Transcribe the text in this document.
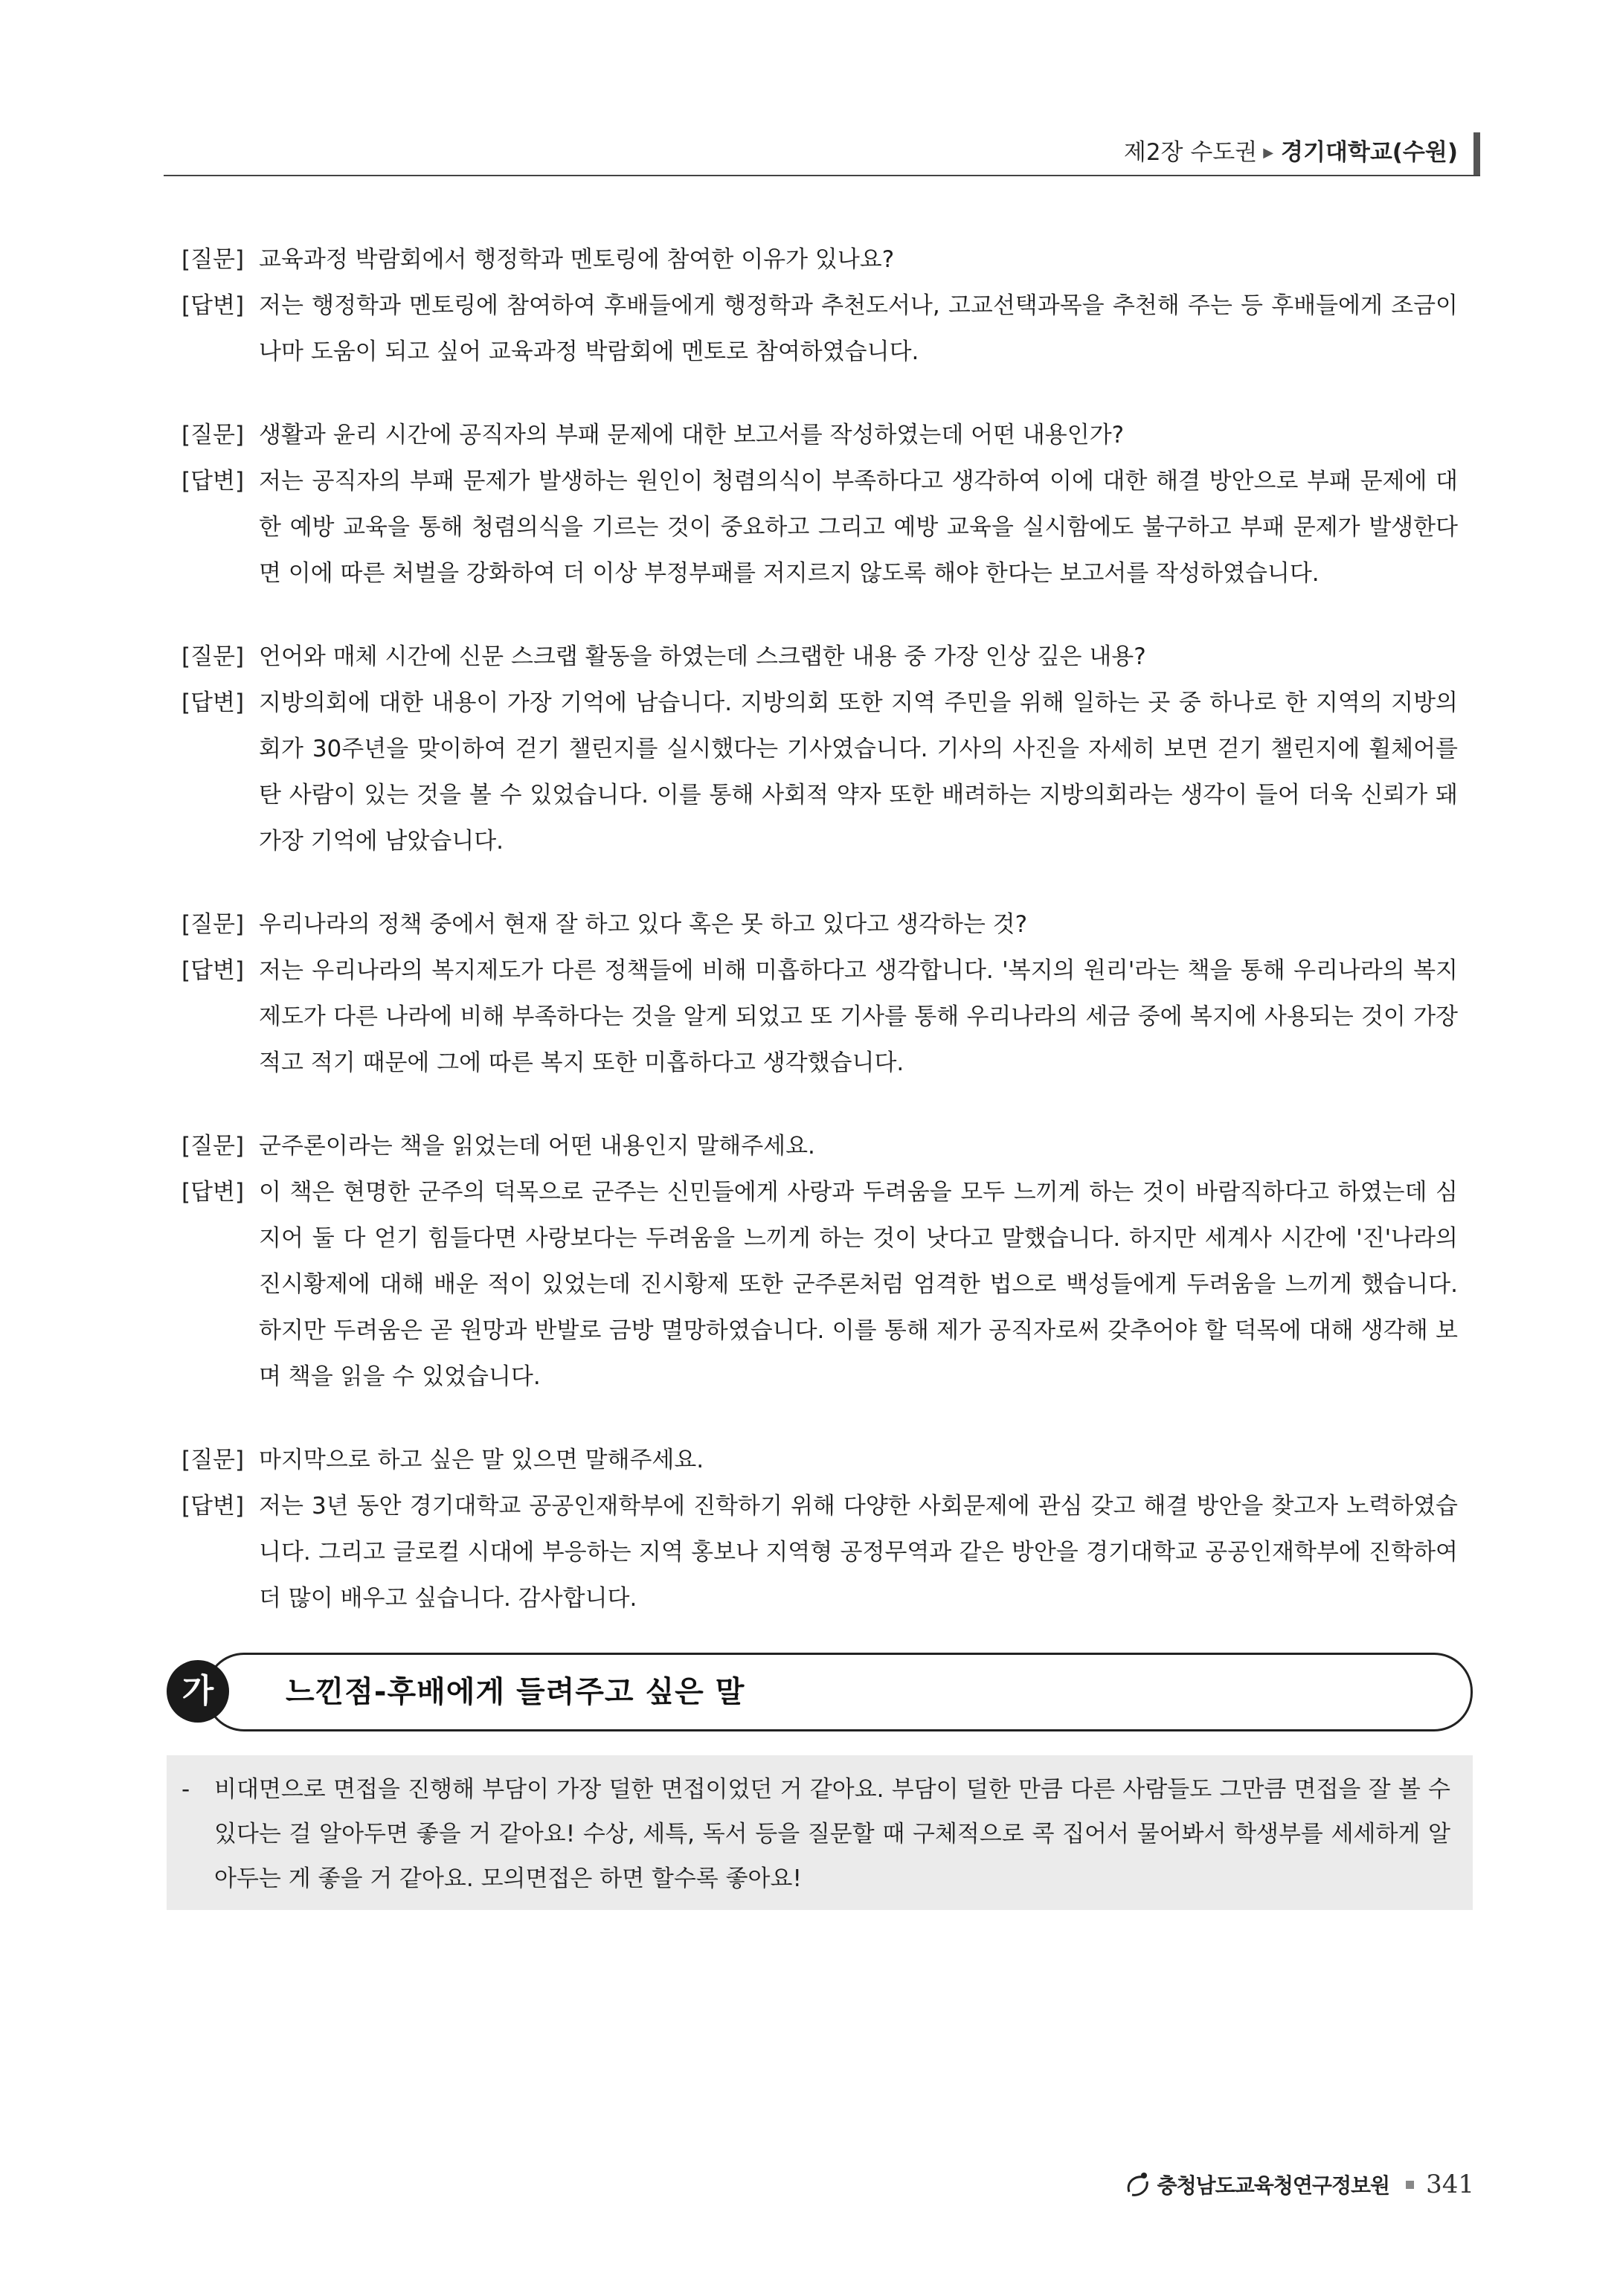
제2장 수도권 ▶ 경기대학교(수원)
[질문] 교육과정 박람회에서 행정학과 멘토링에 참여한 이유가 있나요?
[답변] 저는 행정학과 멘토링에 참여하여 후배들에게 행정학과 추천도서나, 고교선택과목을 추천해 주는 등 후배들에게 조금이나마 도움이 되고 싶어 교육과정 박람회에 멘토로 참여하였습니다.
[질문] 생활과 윤리 시간에 공직자의 부패 문제에 대한 보고서를 작성하였는데 어떤 내용인가?
[답변] 저는 공직자의 부패 문제가 발생하는 원인이 청렴의식이 부족하다고 생각하여 이에 대한 해결 방안으로 부패 문제에 대한 예방 교육을 통해 청렴의식을 기르는 것이 중요하고 그리고 예방 교육을 실시함에도 불구하고 부패 문제가 발생한다면 이에 따른 처벌을 강화하여 더 이상 부정부패를 저지르지 않도록 해야 한다는 보고서를 작성하였습니다.
[질문] 언어와 매체 시간에 신문 스크랩 활동을 하였는데 스크랩한 내용 중 가장 인상 깊은 내용?
[답변] 지방의회에 대한 내용이 가장 기억에 남습니다. 지방의회 또한 지역 주민을 위해 일하는 곳 중 하나로 한 지역의 지방의회가 30주년을 맞이하여 걷기 챌린지를 실시했다는 기사였습니다. 기사의 사진을 자세히 보면 걷기 챌린지에 휠체어를 탄 사람이 있는 것을 볼 수 있었습니다. 이를 통해 사회적 약자 또한 배려하는 지방의회라는 생각이 들어 더욱 신뢰가 돼 가장 기억에 남았습니다.
[질문] 우리나라의 정책 중에서 현재 잘 하고 있다 혹은 못 하고 있다고 생각하는 것?
[답변] 저는 우리나라의 복지제도가 다른 정책들에 비해 미흡하다고 생각합니다. '복지의 원리'라는 책을 통해 우리나라의 복지 제도가 다른 나라에 비해 부족하다는 것을 알게 되었고 또 기사를 통해 우리나라의 세금 중에 복지에 사용되는 것이 가장 적고 적기 때문에 그에 따른 복지 또한 미흡하다고 생각했습니다.
[질문] 군주론이라는 책을 읽었는데 어떤 내용인지 말해주세요.
[답변] 이 책은 현명한 군주의 덕목으로 군주는 신민들에게 사랑과 두려움을 모두 느끼게 하는 것이 바람직하다고 하였는데 심지어 둘 다 얻기 힘들다면 사랑보다는 두려움을 느끼게 하는 것이 낫다고 말했습니다. 하지만 세계사 시간에 '진'나라의 진시황제에 대해 배운 적이 있었는데 진시황제 또한 군주론처럼 엄격한 법으로 백성들에게 두려움을 느끼게 했습니다. 하지만 두려움은 곧 원망과 반발로 금방 멸망하였습니다. 이를 통해 제가 공직자로써 갖추어야 할 덕목에 대해 생각해 보며 책을 읽을 수 있었습니다.
[질문] 마지막으로 하고 싶은 말 있으면 말해주세요.
[답변] 저는 3년 동안 경기대학교 공공인재학부에 진학하기 위해 다양한 사회문제에 관심 갖고 해결 방안을 찾고자 노력하였습니다. 그리고 글로컬 시대에 부응하는 지역 홍보나 지역형 공정무역과 같은 방안을 경기대학교 공공인재학부에 진학하여 더 많이 배우고 싶습니다. 감사합니다.
가	느낀점-후배에게 들려주고 싶은 말
-	비대면으로 면접을 진행해 부담이 가장 덜한 면접이었던 거 같아요. 부담이 덜한 만큼 다른 사람들도 그만큼 면접을 잘 볼 수 있다는 걸 알아두면 좋을 거 같아요! 수상, 세특, 독서 등을 질문할 때 구체적으로 콕 집어서 물어봐서 학생부를 세세하게 알아두는 게 좋을 거 같아요. 모의면접은 하면 할수록 좋아요!
충청남도교육청연구정보원 341
